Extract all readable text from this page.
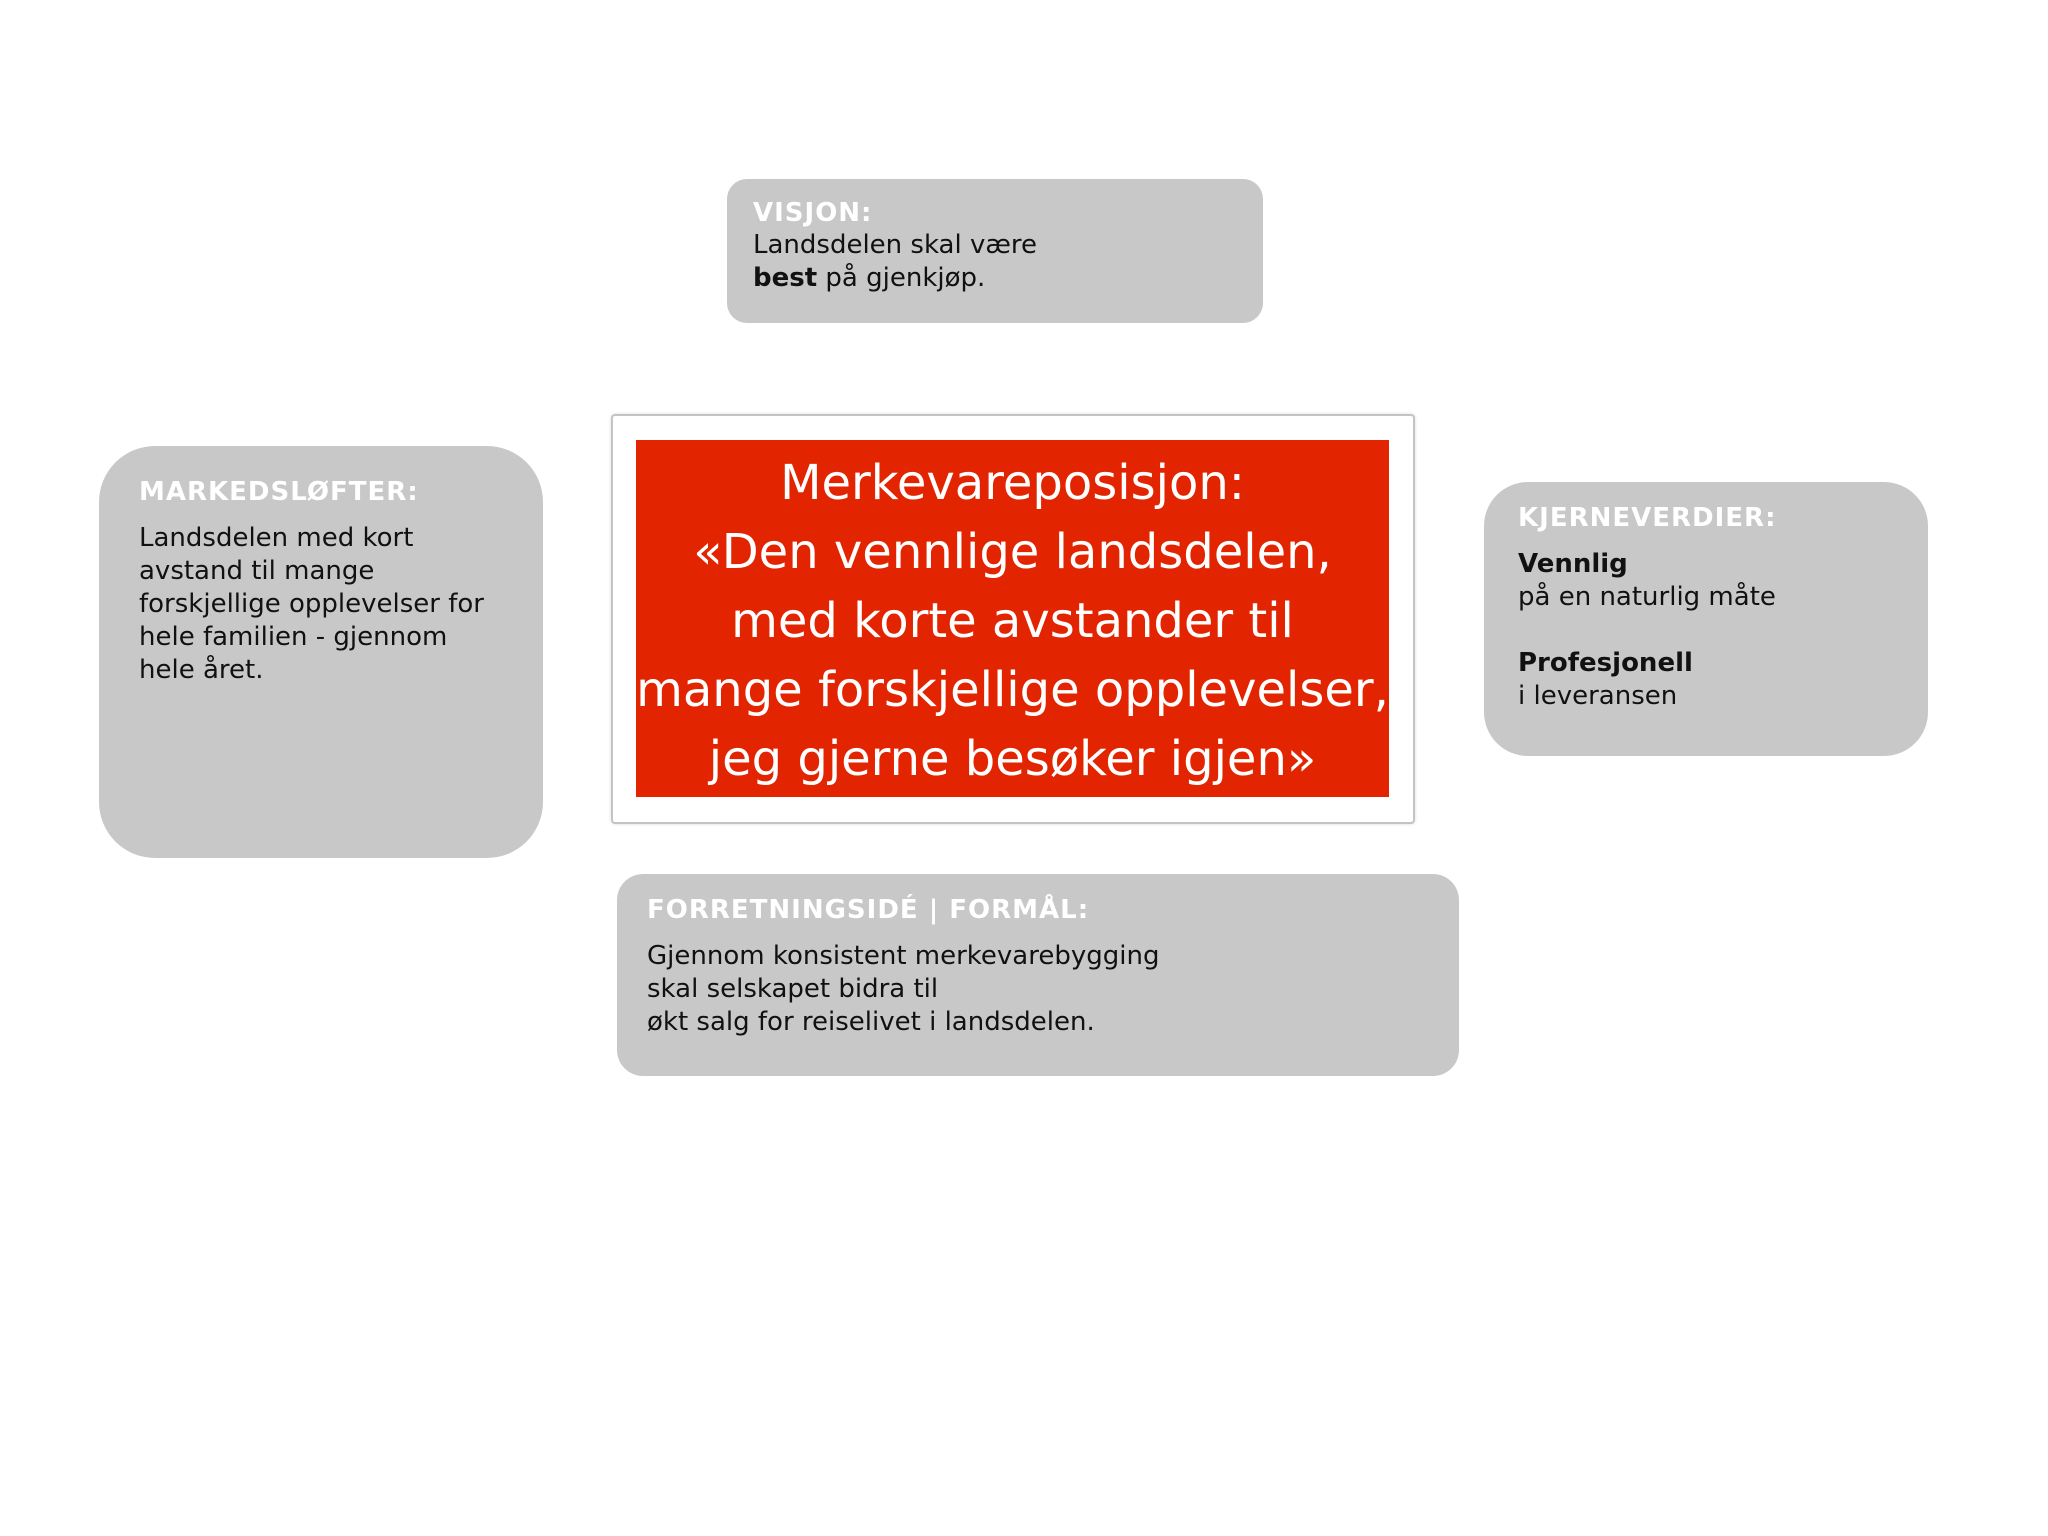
VISJON:
Landsdelen skal være
best på gjenkjøp.
MARKEDSLØFTER:
Landsdelen med kort
avstand til mange
forskjellige opplevelser for
hele familien - gjennom
hele året.
Merkevareposisjon:
«Den vennlige landsdelen,
med korte avstander til
mange forskjellige opplevelser,
jeg gjerne besøker igjen»
KJERNEVERDIER:
Vennlig
på en naturlig måte
Profesjonell
i leveransen
FORRETNINGSIDÉ | FORMÅL:
Gjennom konsistent merkevarebygging
skal selskapet bidra til
økt salg for reiselivet i landsdelen.
